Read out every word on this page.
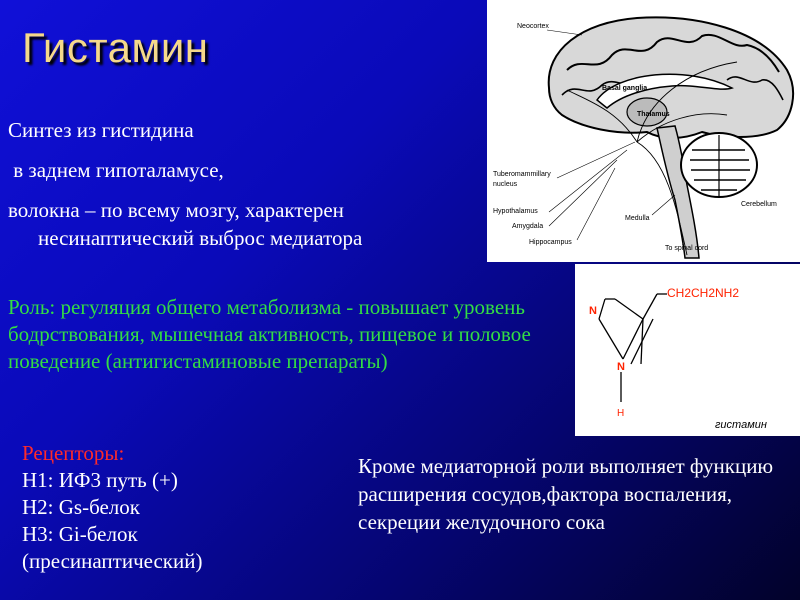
Гистамин
Синтез из гистидина
в заднем гипоталамусе,
волокна – по всему мозгу, характерен несинаптический выброс медиатора
Роль: регуляция общего метаболизма - повышает уровень бодрствования, мышечная активность, пищевое и половое поведение (антигистаминовые препараты)
Рецепторы:
H1: ИФ3 путь (+)
H2: Gs-белок
H3: Gi-белок
(пресинаптический)
Кроме медиаторной роли выполняет функцию расширения сосудов,фактора воспаления, секреции желудочного сока
Neocortex
Basal ganglia
Thalamus
Tuberomammillary
nucleus
Hypothalamus
Amygdala
Hippocampus
Medulla
Cerebellum
To spinal cord
N
N
H
CH2CH2NH2
гистамин
